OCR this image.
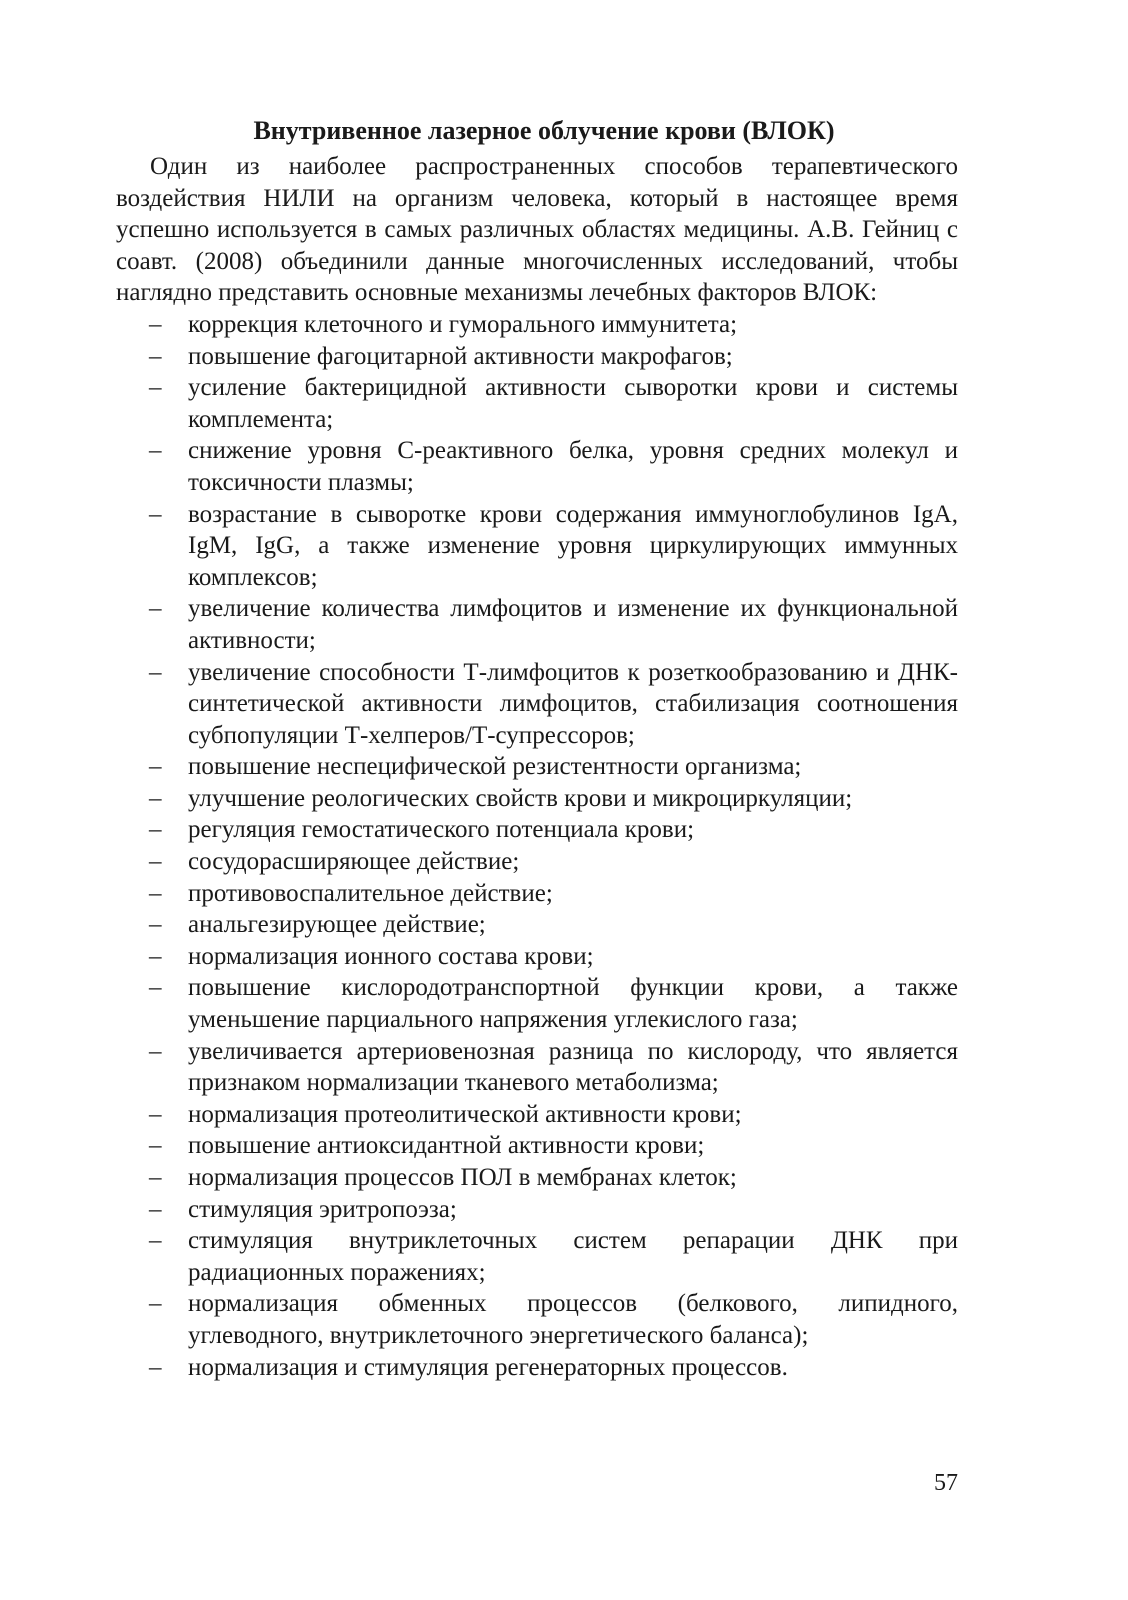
Внутривенное лазерное облучение крови (ВЛОК)

Один из наиболее распространенных способов терапевтического воздействия НИЛИ на организм человека, который в настоящее время успешно используется в самых различных областях медицины. А.В. Гейниц с соавт. (2008) объединили данные многочисленных исследований, чтобы наглядно представить основные механизмы лечебных факторов ВЛОК:

– коррекция клеточного и гуморального иммунитета;
– повышение фагоцитарной активности макрофагов;
– усиление бактерицидной активности сыворотки крови и системы комплемента;
– снижение уровня С-реактивного белка, уровня средних молекул и токсичности плазмы;
– возрастание в сыворотке крови содержания иммуноглобулинов IgA, IgM, IgG, а также изменение уровня циркулирующих иммунных комплексов;
– увеличение количества лимфоцитов и изменение их функциональной активности;
– увеличение способности Т-лимфоцитов к розеткообразованию и ДНК-синтетической активности лимфоцитов, стабилизация соотношения субпопуляции Т-хелперов/Т-супрессоров;
– повышение неспецифической резистентности организма;
– улучшение реологических свойств крови и микроциркуляции;
– регуляция гемостатического потенциала крови;
– сосудорасширяющее действие;
– противовоспалительное действие;
– анальгезирующее действие;
– нормализация ионного состава крови;
– повышение кислородотранспортной функции крови, а также уменьшение парциального напряжения углекислого газа;
– увеличивается артериовенозная разница по кислороду, что является признаком нормализации тканевого метаболизма;
– нормализация протеолитической активности крови;
– повышение антиоксидантной активности крови;
– нормализация процессов ПОЛ в мембранах клеток;
– стимуляция эритропоэза;
– стимуляция внутриклеточных систем репарации ДНК при радиационных поражениях;
– нормализация обменных процессов (белкового, липидного, углеводного, внутриклеточного энергетического баланса);
– нормализация и стимуляция регенераторных процессов.
57
